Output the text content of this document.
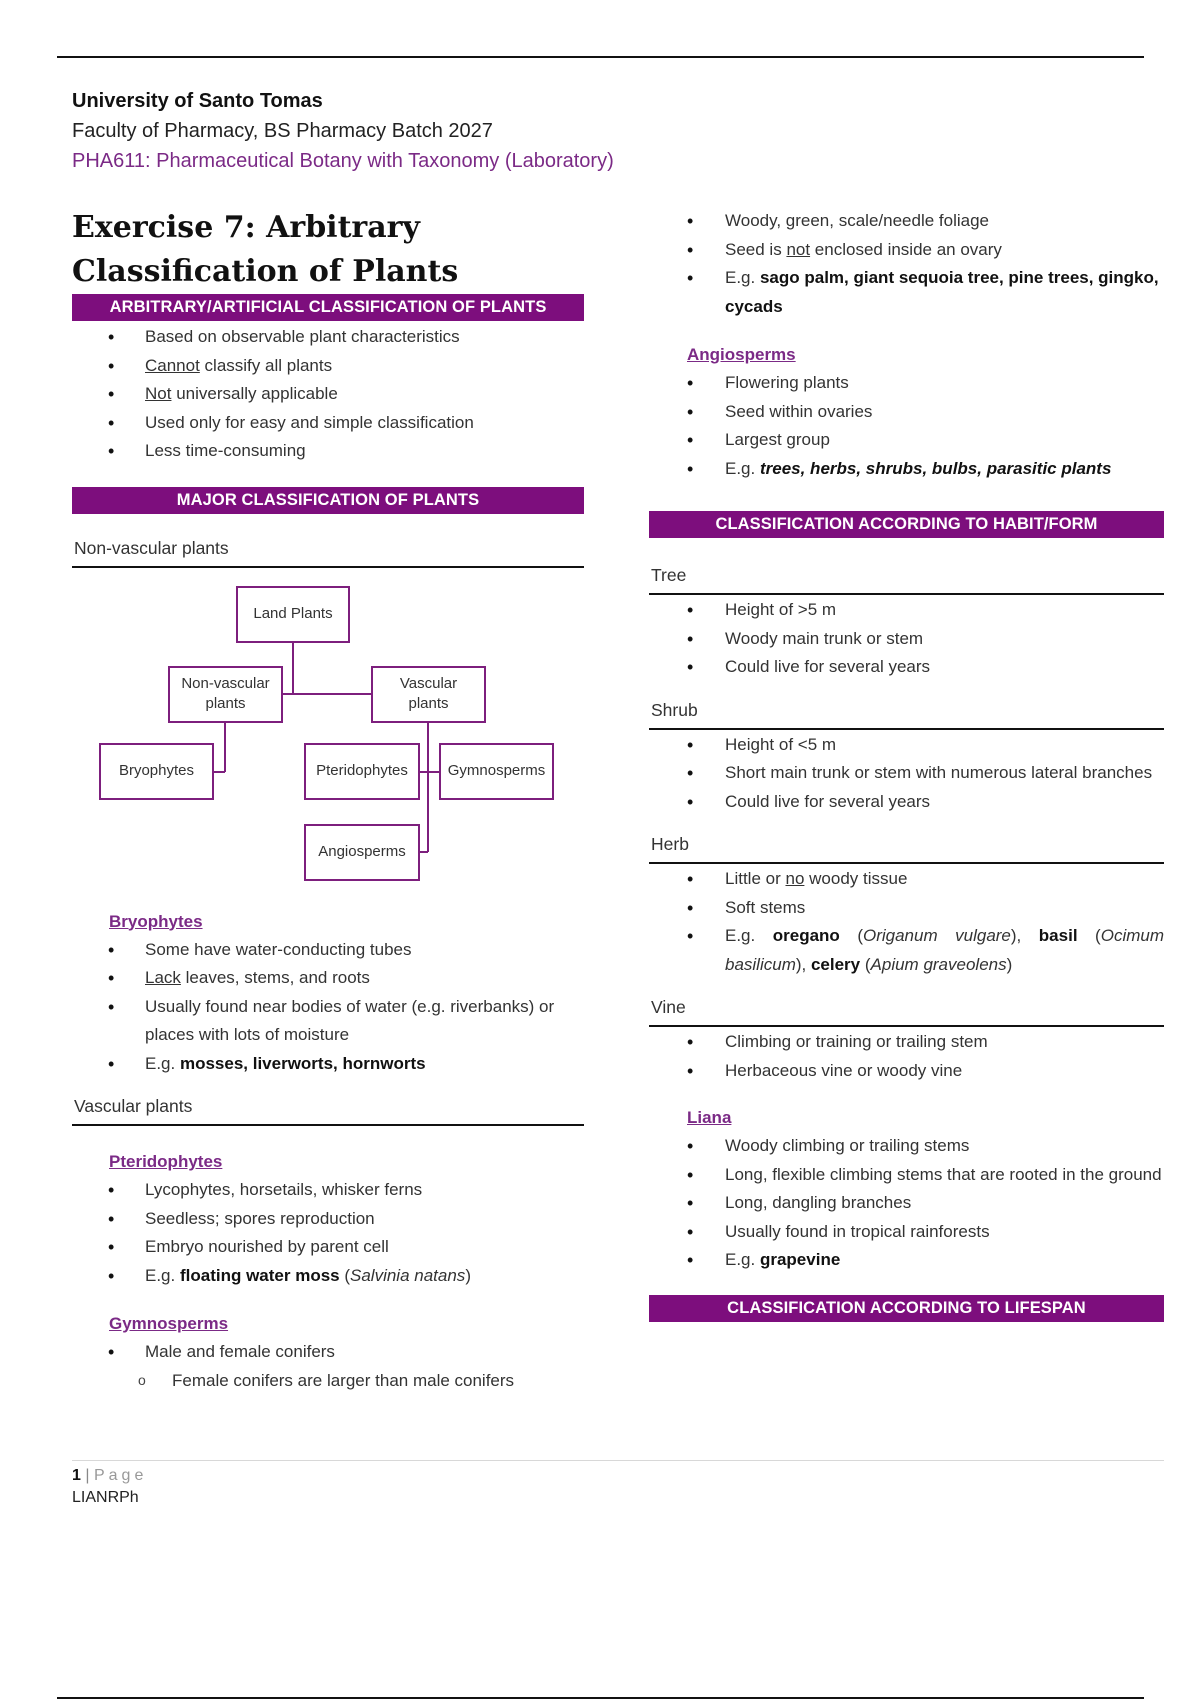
University of Santo Tomas
Faculty of Pharmacy, BS Pharmacy Batch 2027
PHA611: Pharmaceutical Botany with Taxonomy (Laboratory)
Exercise 7: Arbitrary
Classification of Plants
ARBITRARY/ARTIFICIAL CLASSIFICATION OF PLANTS
• Based on observable plant characteristics
• Cannot classify all plants
• Not universally applicable
• Used only for easy and simple classification
• Less time-consuming
MAJOR CLASSIFICATION OF PLANTS
Non-vascular plants
Land Plants
Non-vascular
plants
Vascular
plants
Bryophytes	Pteridophytes	Gymnosperms
Angiosperms
Bryophytes
• Some have water-conducting tubes
• Lack leaves, stems, and roots
• Usually found near bodies of water (e.g. riverbanks) or places with lots of moisture
• E.g. mosses, liverworts, hornworts
Vascular plants
Pteridophytes
• Lycophytes, horsetails, whisker ferns
• Seedless; spores reproduction
• Embryo nourished by parent cell
• E.g. floating water moss (Salvinia natans)
Gymnosperms
• Male and female conifers
o Female conifers are larger than male conifers
• Woody, green, scale/needle foliage
• Seed is not enclosed inside an ovary
• E.g. sago palm, giant sequoia tree, pine trees, gingko, cycads
Angiosperms
• Flowering plants
• Seed within ovaries
• Largest group
• E.g. trees, herbs, shrubs, bulbs, parasitic plants
CLASSIFICATION ACCORDING TO HABIT/FORM
Tree
• Height of >5 m
• Woody main trunk or stem
• Could live for several years
Shrub
• Height of <5 m
• Short main trunk or stem with numerous lateral branches
• Could live for several years
Herb
• Little or no woody tissue
• Soft stems
• E.g. oregano (Origanum vulgare), basil (Ocimum basilicum), celery (Apium graveolens)
Vine
• Climbing or training or trailing stem
• Herbaceous vine or woody vine
Liana
• Woody climbing or trailing stems
• Long, flexible climbing stems that are rooted in the ground
• Long, dangling branches
• Usually found in tropical rainforests
• E.g. grapevine
CLASSIFICATION ACCORDING TO LIFESPAN
1 | Page
LIANRPh
